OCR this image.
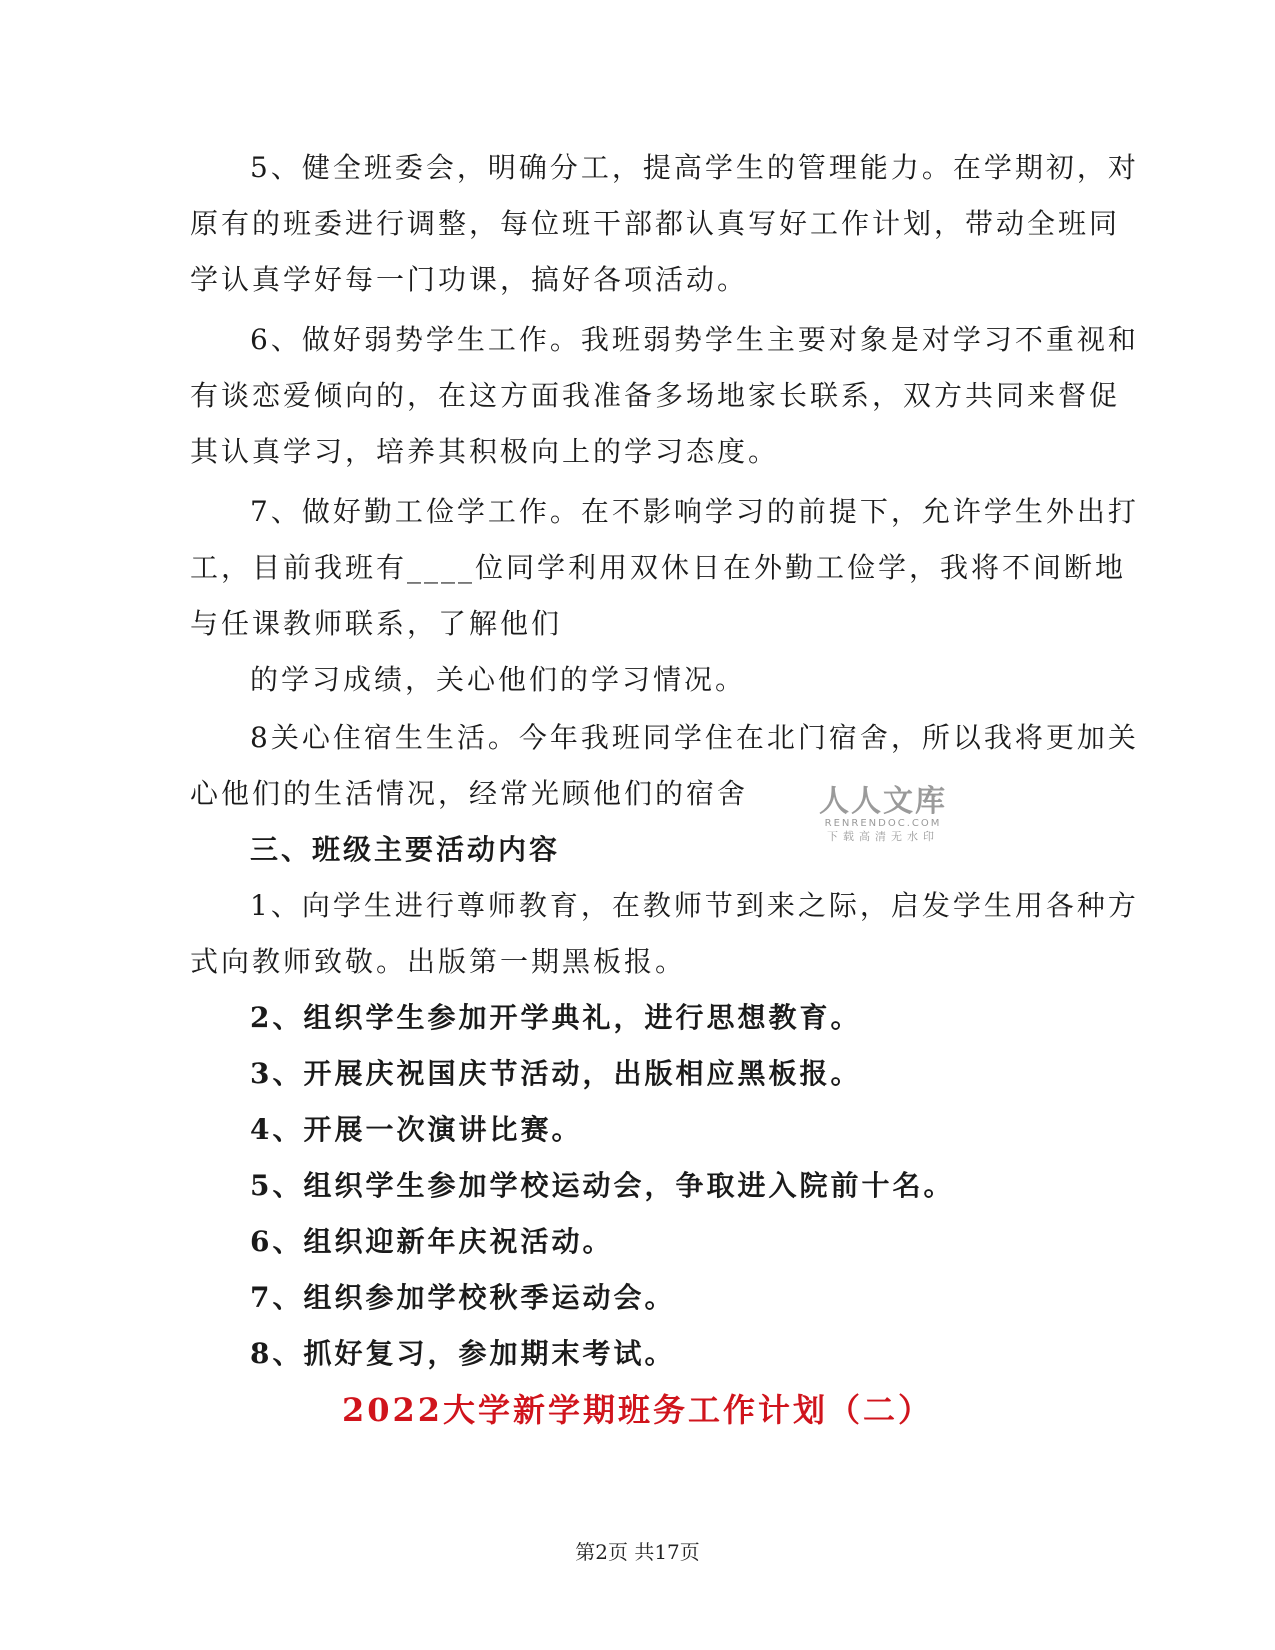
5、健全班委会，明确分工，提高学生的管理能力。在学期初，对
原有的班委进行调整，每位班干部都认真写好工作计划，带动全班同
学认真学好每一门功课，搞好各项活动。
6、做好弱势学生工作。我班弱势学生主要对象是对学习不重视和
有谈恋爱倾向的，在这方面我准备多场地家长联系，双方共同来督促
其认真学习，培养其积极向上的学习态度。
7、做好勤工俭学工作。在不影响学习的前提下，允许学生外出打
工，目前我班有____位同学利用双休日在外勤工俭学，我将不间断地
与任课教师联系，了解他们
的学习成绩，关心他们的学习情况。
8关心住宿生生活。今年我班同学住在北门宿舍，所以我将更加关
心他们的生活情况，经常光顾他们的宿舍
三、班级主要活动内容
1、向学生进行尊师教育，在教师节到来之际，启发学生用各种方
式向教师致敬。出版第一期黑板报。
2、组织学生参加开学典礼，进行思想教育。
3、开展庆祝国庆节活动，出版相应黑板报。
4、开展一次演讲比赛。
5、组织学生参加学校运动会，争取进入院前十名。
6、组织迎新年庆祝活动。
7、组织参加学校秋季运动会。
8、抓好复习，参加期末考试。
2022大学新学期班务工作计划（二）
人人文库
RENRENDOC.COM
下载高清无水印
第2页 共17页
